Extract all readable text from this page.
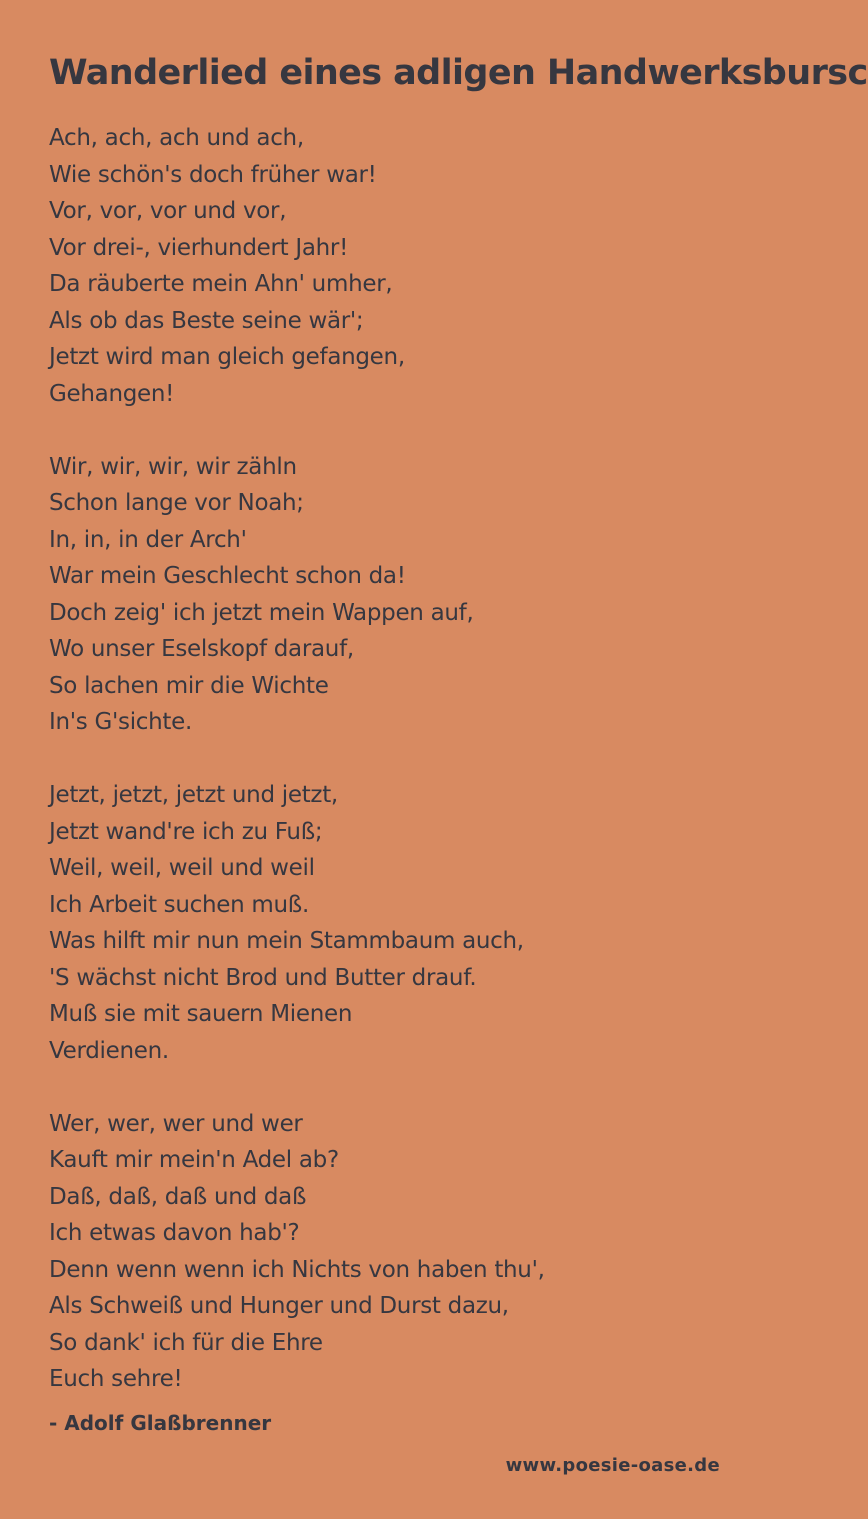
Wanderlied eines adligen Handwerksbursc
Ach, ach, ach und ach,
Wie schön's doch früher war!
Vor, vor, vor und vor,
Vor drei-, vierhundert Jahr!
Da räuberte mein Ahn' umher,
Als ob das Beste seine wär';
Jetzt wird man gleich gefangen,
Gehangen!
Wir, wir, wir, wir zähln
Schon lange vor Noah;
In, in, in der Arch'
War mein Geschlecht schon da!
Doch zeig' ich jetzt mein Wappen auf,
Wo unser Eselskopf darauf,
So lachen mir die Wichte
In's G'sichte.
Jetzt, jetzt, jetzt und jetzt,
Jetzt wand're ich zu Fuß;
Weil, weil, weil und weil
Ich Arbeit suchen muß.
Was hilft mir nun mein Stammbaum auch,
'S wächst nicht Brod und Butter drauf.
Muß sie mit sauern Mienen
Verdienen.
Wer, wer, wer und wer
Kauft mir mein'n Adel ab?
Daß, daß, daß und daß
Ich etwas davon hab'?
Denn wenn wenn ich Nichts von haben thu',
Als Schweiß und Hunger und Durst dazu,
So dank' ich für die Ehre
Euch sehre!
- Adolf Glaßbrenner
www.poesie-oase.de
